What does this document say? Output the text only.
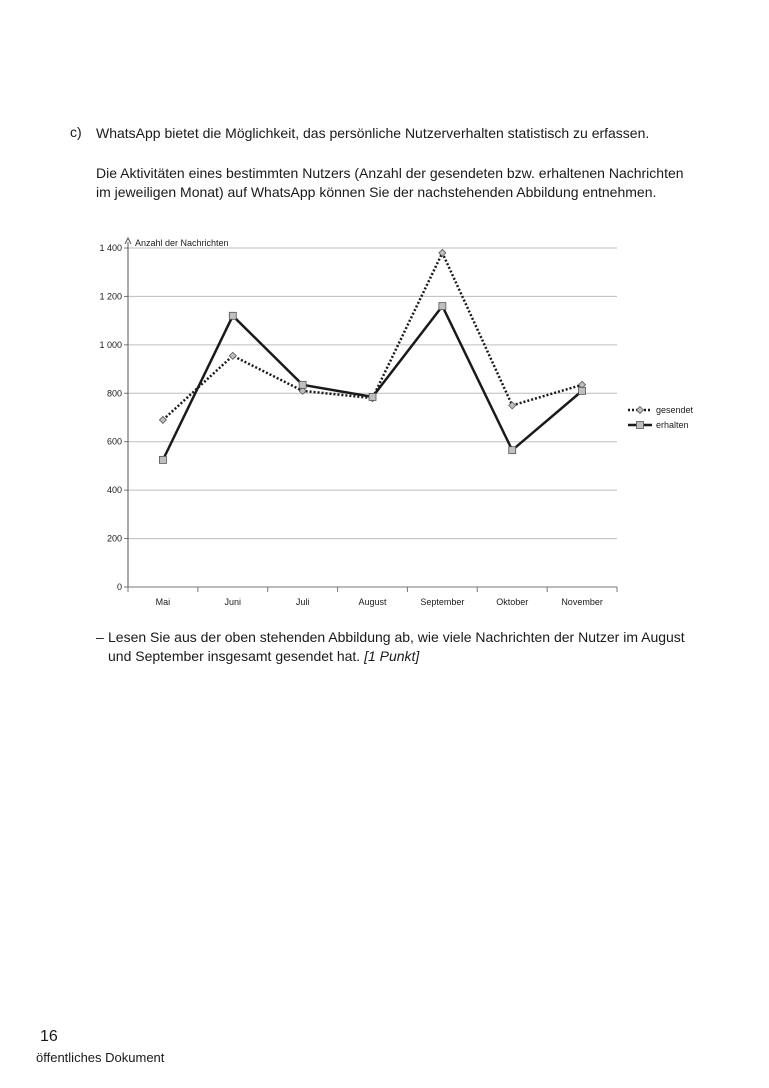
c) WhatsApp bietet die Möglichkeit, das persönliche Nutzerverhalten statistisch zu erfassen.

Die Aktivitäten eines bestimmten Nutzers (Anzahl der gesendeten bzw. erhaltenen Nachrichten im jeweiligen Monat) auf WhatsApp können Sie der nachstehenden Abbildung entnehmen.

0
200
400
600
800
1 000
1 200
1 400
Mai	Juni	Juli	August	September	Oktober	November
Anzahl der Nachrichten
gesendet
erhalten
– Lesen Sie aus der oben stehenden Abbildung ab, wie viele Nachrichten der Nutzer im August und September insgesamt gesendet hat. [1 Punkt]
16
öffentliches Dokument
